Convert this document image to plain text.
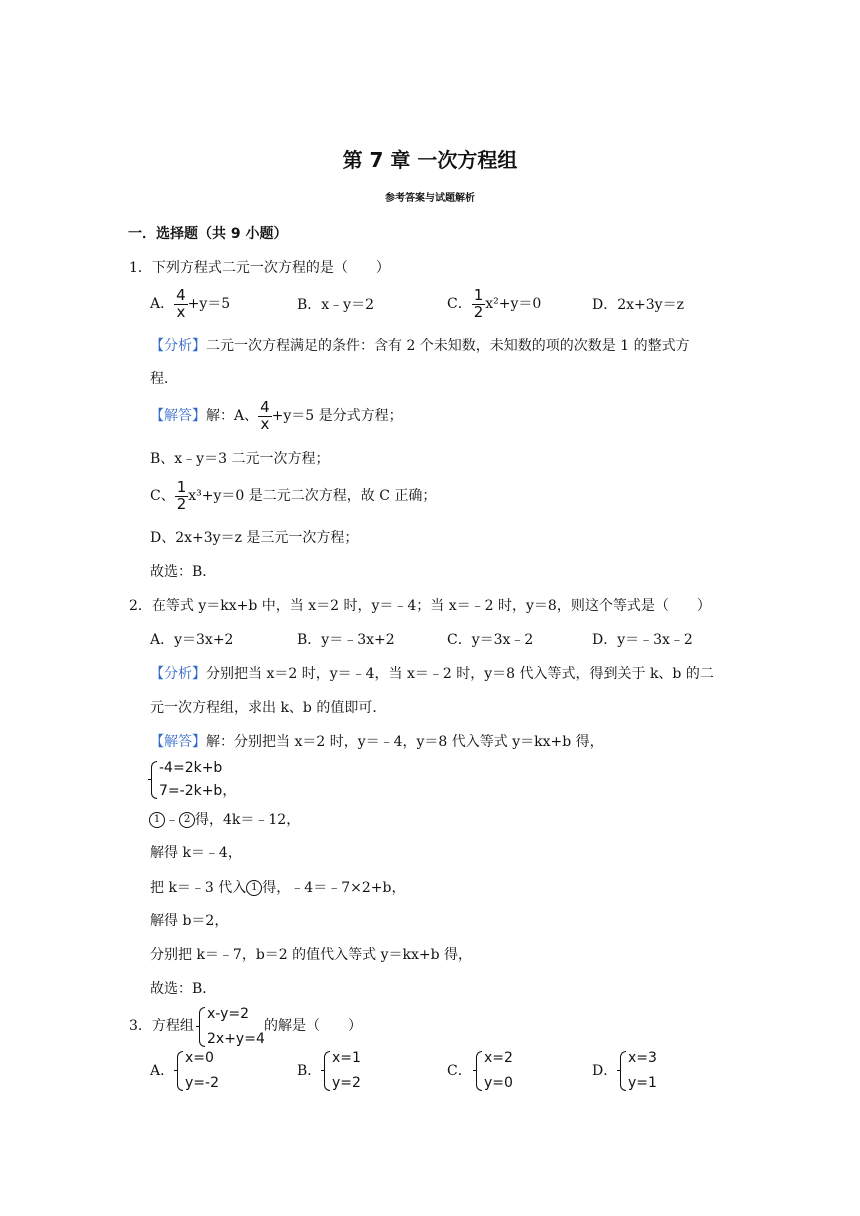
第 7 章 一次方程组
参考答案与试题解析
一．选择题（共 9 小题）
1．下列方程式二元一次方程的是（　　）
A． $\frac{4}{x} +y=5$	B．x﹣y＝2	C． $\frac{1}{2} x^2+y=0$	D．2x+3y＝z
【分析】二元一次方程满足的条件：含有 2 个未知数，未知数的项的次数是 1 的整式方
程．
【解答】 解：A、 $\frac{4}{x} +y=5$ 是分式方程；
B、x﹣y＝3 二元一次方程；
C、 $\frac{1}{2} x^3+y=0$ 是二元二次方程，故 C 正确；
D、2x+3y＝z 是三元一次方程；
故选：B．
2．在等式 y＝kx+b 中，当 x＝2 时，y＝﹣4；当 x＝﹣2 时，y＝8，则这个等式是（　　）
A．y＝3x+2	B．y＝﹣3x+2	C．y＝3x﹣2	D．y＝﹣3x﹣2
【分析】分别把当 x＝2 时，y＝﹣4，当 x＝﹣2 时，y＝8 代入等式，得到关于 k、b 的二
元一次方程组，求出 k、b 的值即可．
【解答】解：分别把当 x＝2 时，y＝﹣4，y＝8 代入等式 y＝kx+b 得，
-4=2k+b
7=-2k+b ，
1 ﹣ 2 得，4k＝﹣12，
解得 k＝﹣4，
把 k＝﹣3 代入 1 得，﹣4＝﹣7×2+b，
解得 b＝2，
分别把 k＝﹣7，b＝2 的值代入等式 y＝kx+b 得，
故选：B．
3．方程组
x-y=2
2x+y=4
的解是（　　）
A．
x=0
y=-2
B．
x=1
y=2
C．
x=2
y=0
D．
x=3
y=1
